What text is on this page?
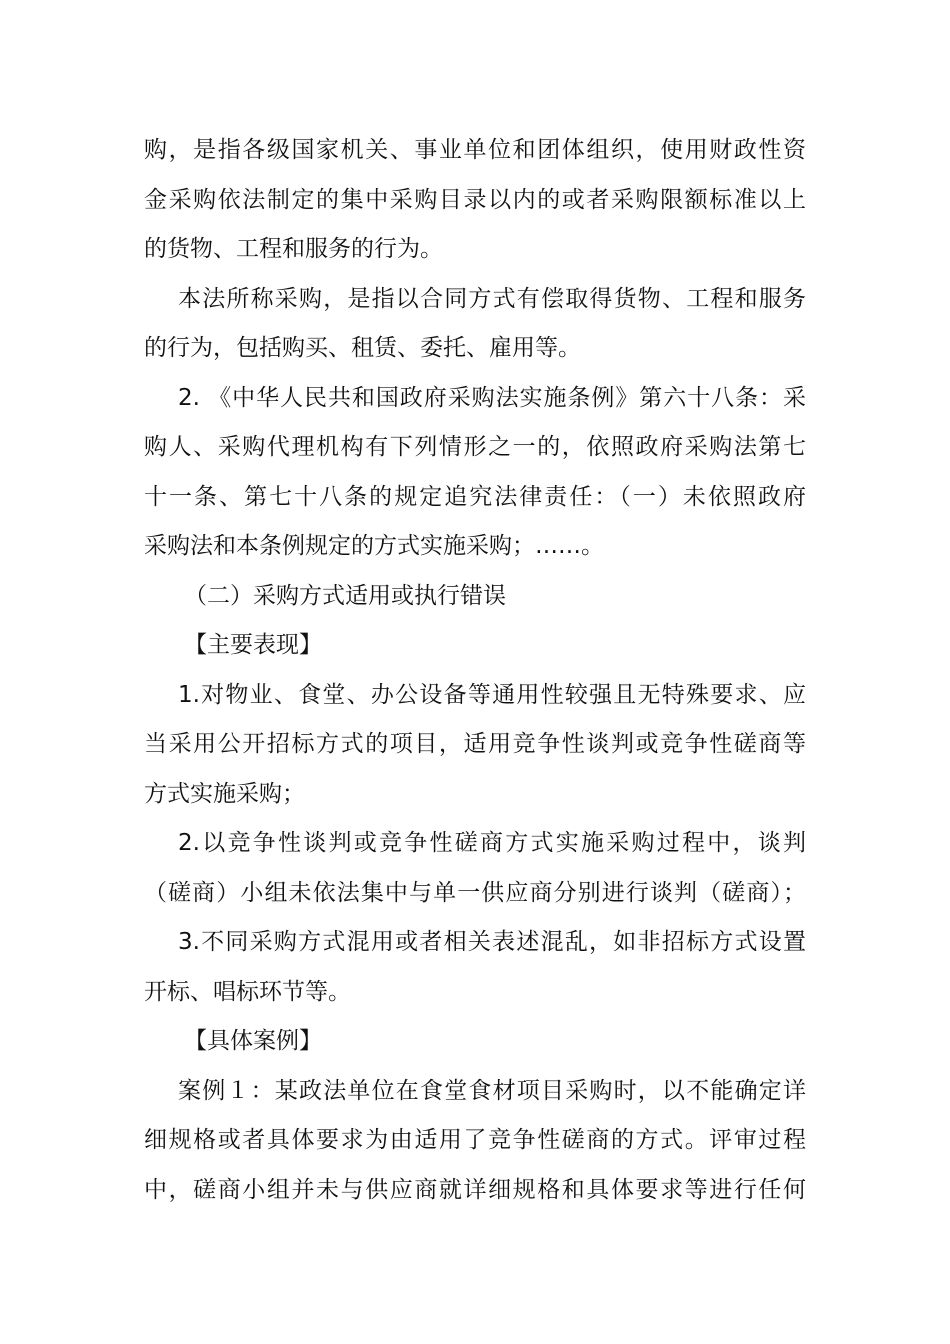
购，是指各级国家机关、事业单位和团体组织，使用财政性资
金采购依法制定的集中采购目录以内的或者采购限额标准以上
的货物、工程和服务的行为。
本法所称采购，是指以合同方式有偿取得货物、工程和服务
的行为，包括购买、租赁、委托、雇用等。
2. 《中华人民共和国政府采购法实施条例》第六十八条：采
购人、采购代理机构有下列情形之一的，依照政府采购法第七
十一条、第七十八条的规定追究法律责任：（一）未依照政府
采购法和本条例规定的方式实施采购；……。
（二）采购方式适用或执行错误
【主要表现】
1.对物业、食堂、办公设备等通用性较强且无特殊要求、应
当采用公开招标方式的项目，适用竞争性谈判或竞争性磋商等
方式实施采购；
2.以竞争性谈判或竞争性磋商方式实施采购过程中，谈判
（磋商）小组未依法集中与单一供应商分别进行谈判（磋商）；
3.不同采购方式混用或者相关表述混乱，如非招标方式设置
开标、唱标环节等。
【具体案例】
案例１：某政法单位在食堂食材项目采购时，以不能确定详
细规格或者具体要求为由适用了竞争性磋商的方式。评审过程
中，磋商小组并未与供应商就详细规格和具体要求等进行任何
